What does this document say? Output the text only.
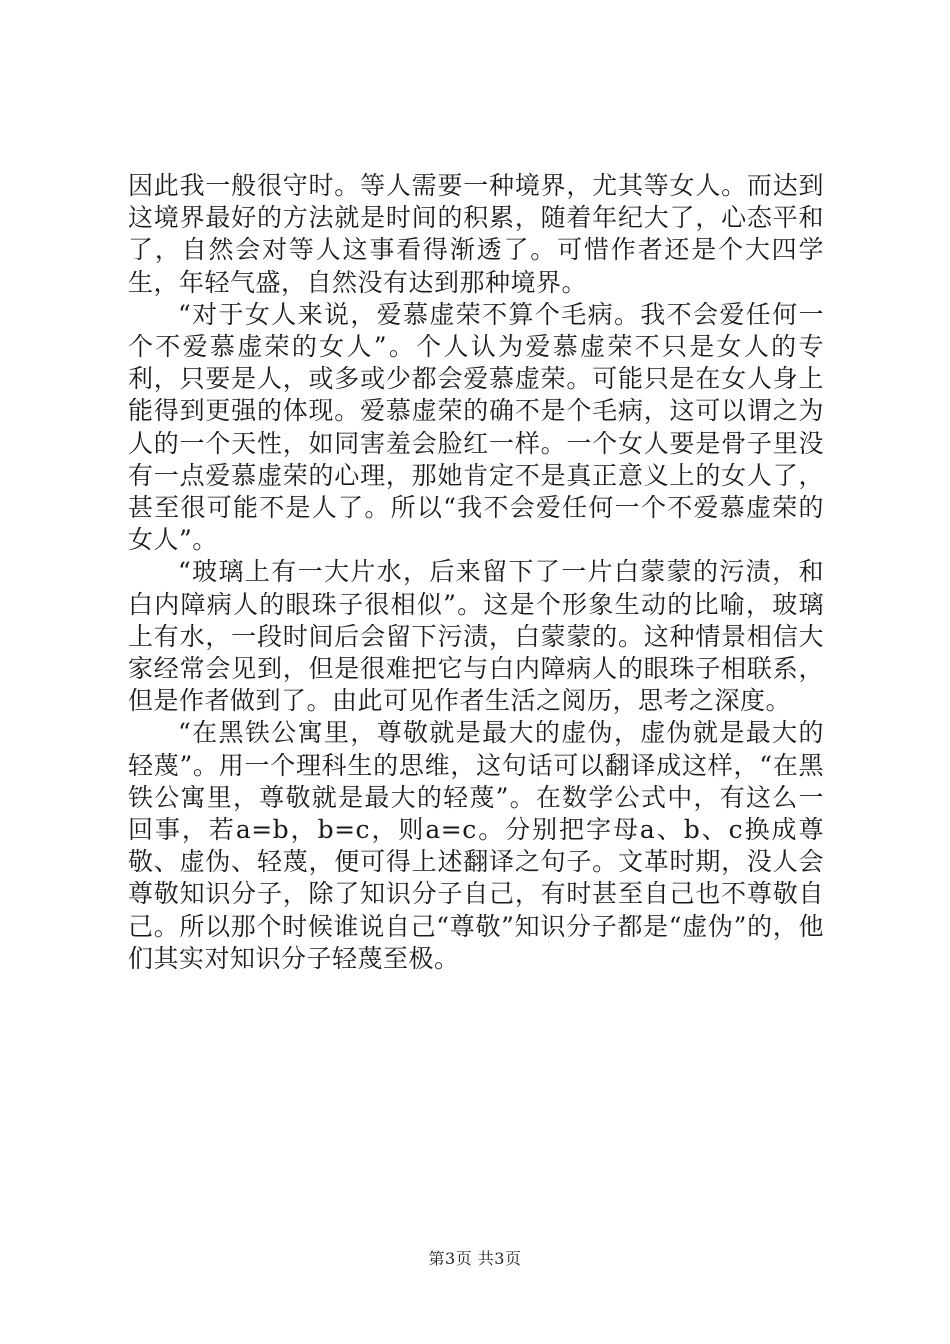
因此我一般很守时。等人需要一种境界，尤其等女人。而达到这境界最好的方法就是时间的积累，随着年纪大了，心态平和了，自然会对等人这事看得渐透了。可惜作者还是个大四学生，年轻气盛，自然没有达到那种境界。

“对于女人来说，爱慕虚荣不算个毛病。我不会爱任何一个不爱慕虚荣的女人”。个人认为爱慕虚荣不只是女人的专利，只要是人，或多或少都会爱慕虚荣。可能只是在女人身上能得到更强的体现。爱慕虚荣的确不是个毛病，这可以谓之为人的一个天性，如同害羞会脸红一样。一个女人要是骨子里没有一点爱慕虚荣的心理，那她肯定不是真正意义上的女人了，甚至很可能不是人了。所以“我不会爱任何一个不爱慕虚荣的女人”。

“玻璃上有一大片水，后来留下了一片白蒙蒙的污渍，和白内障病人的眼珠子很相似”。这是个形象生动的比喻，玻璃上有水，一段时间后会留下污渍，白蒙蒙的。这种情景相信大家经常会见到，但是很难把它与白内障病人的眼珠子相联系，但是作者做到了。由此可见作者生活之阅历，思考之深度。

“在黑铁公寓里，尊敬就是最大的虚伪，虚伪就是最大的轻蔑”。用一个理科生的思维，这句话可以翻译成这样，“在黑铁公寓里，尊敬就是最大的轻蔑”。在数学公式中，有这么一回事，若a=b，b=c，则a=c。分别把字母a、b、c换成尊敬、虚伪、轻蔑，便可得上述翻译之句子。文革时期，没人会尊敬知识分子，除了知识分子自己，有时甚至自己也不尊敬自己。所以那个时候谁说自己“尊敬”知识分子都是“虚伪”的，他们其实对知识分子轻蔑至极。

第3页 共3页
